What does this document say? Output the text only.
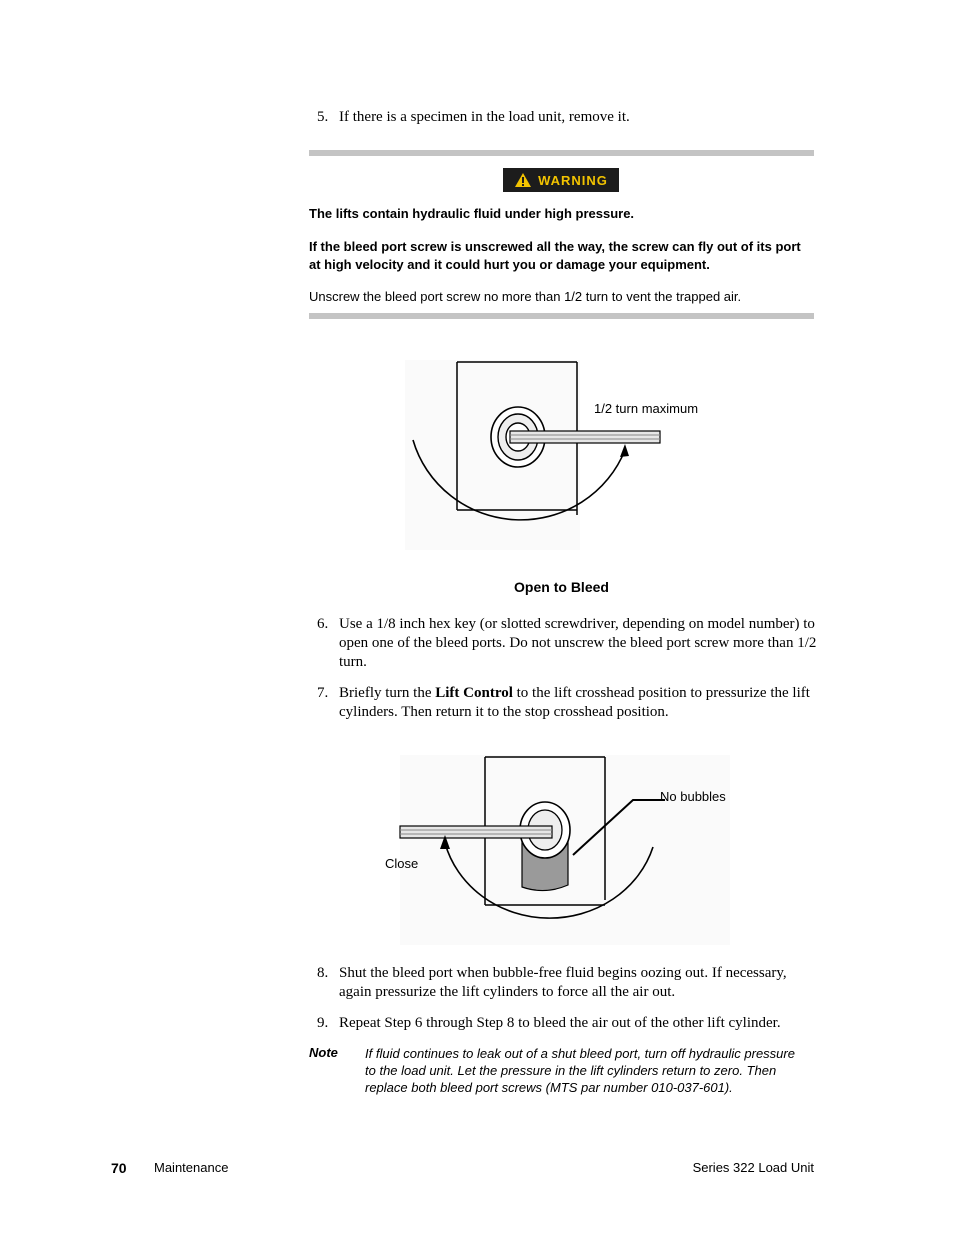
5. If there is a specimen in the load unit, remove it.
WARNING
The lifts contain hydraulic fluid under high pressure.
If the bleed port screw is unscrewed all the way, the screw can fly out of its port at high velocity and it could hurt you or damage your equipment.
Unscrew the bleed port screw no more than 1/2 turn to vent the trapped air.
1/2 turn maximum
Open to Bleed
6. Use a 1/8 inch hex key (or slotted screwdriver, depending on model number) to open one of the bleed ports. Do not unscrew the bleed port screw more than 1/2 turn.
7. Briefly turn the Lift Control to the lift crosshead position to pressurize the lift cylinders. Then return it to the stop crosshead position.
No bubbles
Close
8. Shut the bleed port when bubble-free fluid begins oozing out. If necessary, again pressurize the lift cylinders to force all the air out.
9. Repeat Step 6 through Step 8 to bleed the air out of the other lift cylinder.
Note If fluid continues to leak out of a shut bleed port, turn off hydraulic pressure to the load unit. Let the pressure in the lift cylinders return to zero. Then replace both bleed port screws (MTS par number 010-037-601).
70 Maintenance	Series 322 Load Unit
